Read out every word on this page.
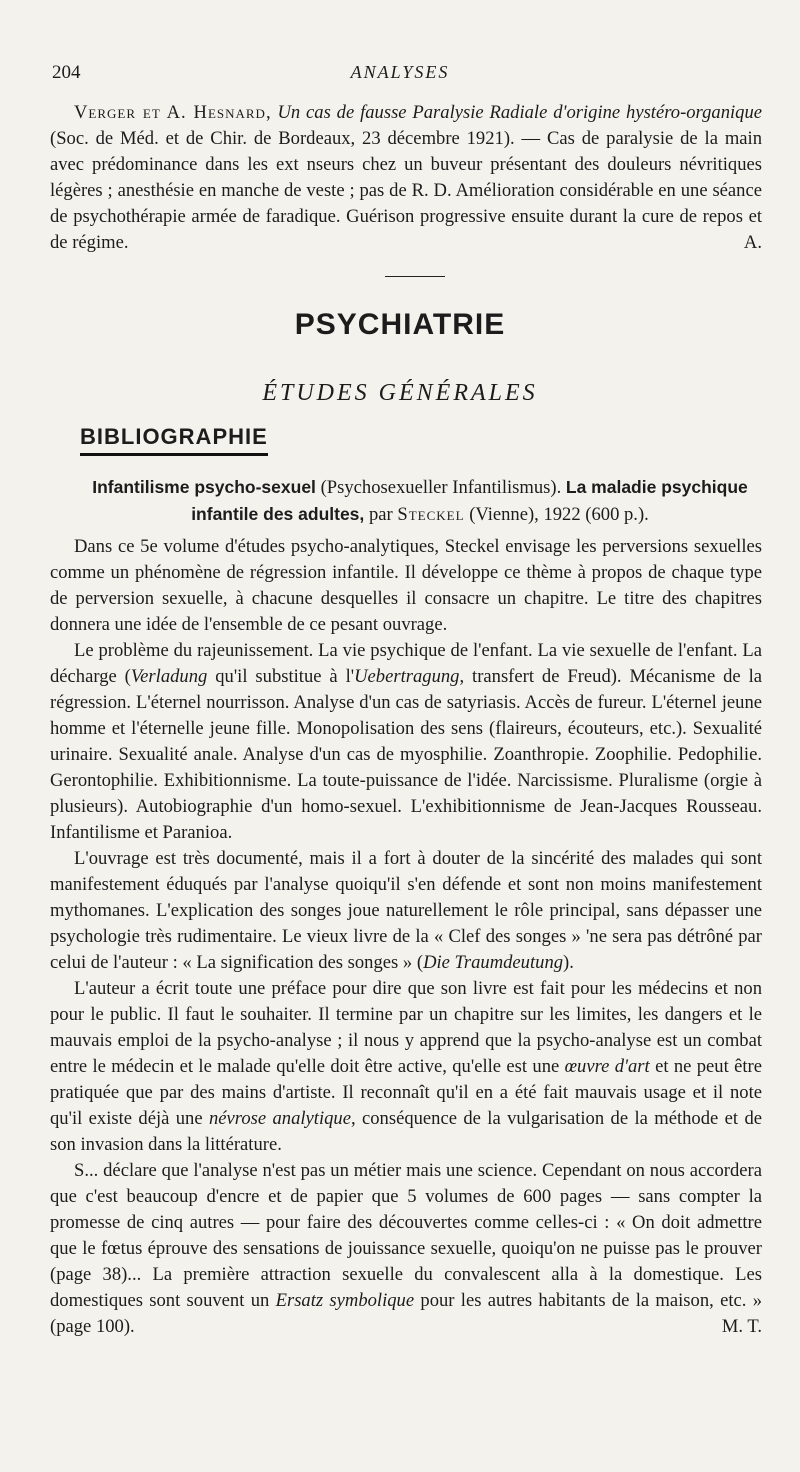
204	ANALYSES

Verger et A. Hesnard, Un cas de fausse Paralysie Radiale d'origine hystéro-organique (Soc. de Méd. et de Chir. de Bordeaux, 23 décembre 1921). — Cas de paralysie de la main avec prédominance dans les ext nseurs chez un buveur présentant des douleurs névritiques légères ; anesthésie en manche de veste ; pas de R. D. Amélioration considérable en une séance de psychothérapie armée de faradique. Guérison progressive ensuite durant la cure de repos et de régime.	A.

PSYCHIATRIE
ÉTUDES GÉNÉRALES
BIBLIOGRAPHIE
Infantilisme psycho-sexuel (Psychosexueller Infantilismus). La maladie psychique infantile des adultes, par Steckel (Vienne), 1922 (600 p.).

Dans ce 5e volume d'études psycho-analytiques, Steckel envisage les perversions sexuelles comme un phénomène de régression infantile. Il développe ce thème à propos de chaque type de perversion sexuelle, à chacune desquelles il consacre un chapitre. Le titre des chapitres donnera une idée de l'ensemble de ce pesant ouvrage.

Le problème du rajeunissement. La vie psychique de l'enfant. La vie sexuelle de l'enfant. La décharge (Verladung qu'il substitue à l'Uebertragung, transfert de Freud). Mécanisme de la régression. L'éternel nourrisson. Analyse d'un cas de satyriasis. Accès de fureur. L'éternel jeune homme et l'éternelle jeune fille. Monopolisation des sens (flaireurs, écouteurs, etc.). Sexualité urinaire. Sexualité anale. Analyse d'un cas de myosphilie. Zoanthropie. Zoophilie. Pedophilie. Gerontophilie. Exhibitionnisme. La toute-puissance de l'idée. Narcissisme. Pluralisme (orgie à plusieurs). Autobiographie d'un homo-sexuel. L'exhibitionnisme de Jean-Jacques Rousseau. Infantilisme et Paranioa.

L'ouvrage est très documenté, mais il a fort à douter de la sincérité des malades qui sont manifestement éduqués par l'analyse quoiqu'il s'en défende et sont non moins manifestement mythomanes. L'explication des songes joue naturellement le rôle principal, sans dépasser une psychologie très rudimentaire. Le vieux livre de la « Clef des songes » 'ne sera pas détrôné par celui de l'auteur : « La signification des songes » (Die Traumdeutung).

L'auteur a écrit toute une préface pour dire que son livre est fait pour les médecins et non pour le public. Il faut le souhaiter. Il termine par un chapitre sur les limites, les dangers et le mauvais emploi de la psycho-analyse ; il nous y apprend que la psycho-analyse est un combat entre le médecin et le malade qu'elle doit être active, qu'elle est une œuvre d'art et ne peut être pratiquée que par des mains d'artiste. Il reconnaît qu'il en a été fait mauvais usage et il note qu'il existe déjà une névrose analytique, conséquence de la vulgarisation de la méthode et de son invasion dans la littérature.

S... déclare que l'analyse n'est pas un métier mais une science. Cependant on nous accordera que c'est beaucoup d'encre et de papier que 5 volumes de 600 pages — sans compter la promesse de cinq autres — pour faire des découvertes comme celles-ci : « On doit admettre que le fœtus éprouve des sensations de jouissance sexuelle, quoiqu'on ne puisse pas le prouver (page 38)... La première attraction sexuelle du convalescent alla à la domestique. Les domestiques sont souvent un Ersatz symbolique pour les autres habitants de la maison, etc. » (page 100).	M. T.
